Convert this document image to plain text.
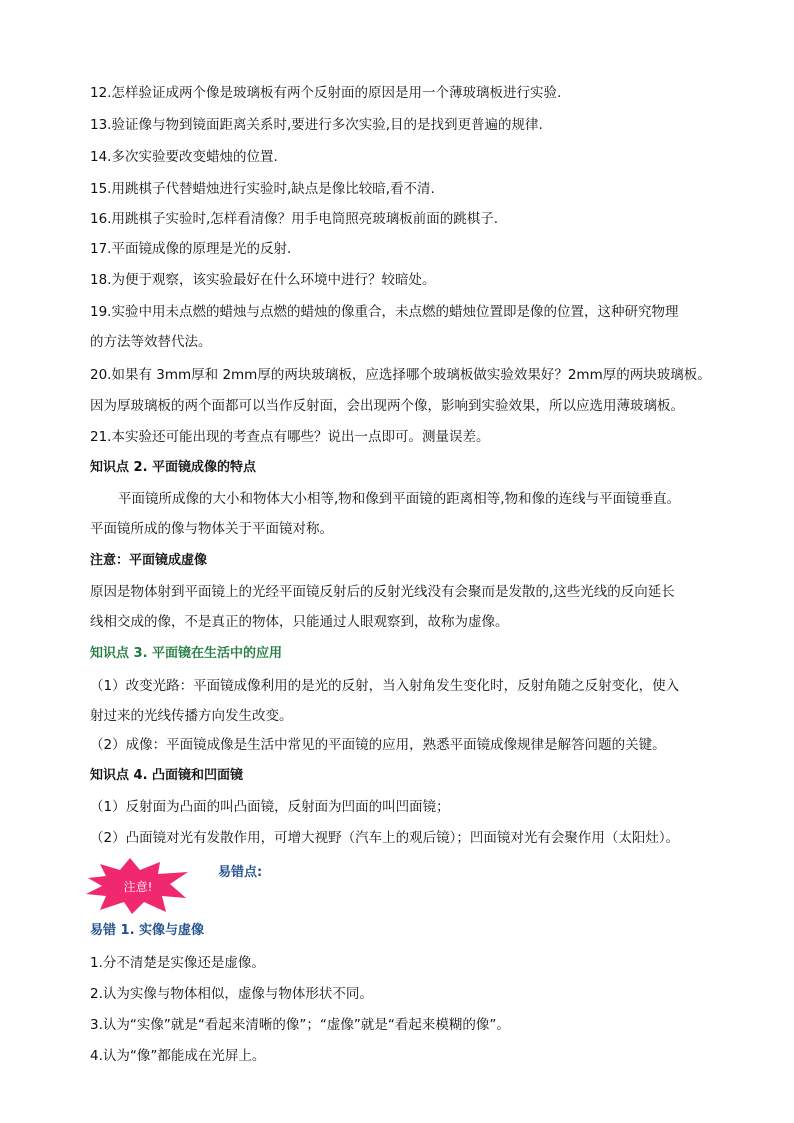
12.怎样验证成两个像是玻璃板有两个反射面的原因是用一个薄玻璃板进行实验.
13.验证像与物到镜面距离关系时,要进行多次实验,目的是找到更普遍的规律.
14.多次实验要改变蜡烛的位置.
15.用跳棋子代替蜡烛进行实验时,缺点是像比较暗,看不清.
16.用跳棋子实验时,怎样看清像？用手电筒照亮玻璃板前面的跳棋子.
17.平面镜成像的原理是光的反射.
18.为便于观察，该实验最好在什么环境中进行？较暗处。
19.实验中用未点燃的蜡烛与点燃的蜡烛的像重合，未点燃的蜡烛位置即是像的位置，这种研究物理
的方法等效替代法。
20.如果有 3mm厚和 2mm厚的两块玻璃板，应选择哪个玻璃板做实验效果好？2mm厚的两块玻璃板。
因为厚玻璃板的两个面都可以当作反射面，会出现两个像，影响到实验效果，所以应选用薄玻璃板。
21.本实验还可能出现的考查点有哪些？说出一点即可。测量误差。
知识点 2. 平面镜成像的特点
平面镜所成像的大小和物体大小相等,物和像到平面镜的距离相等,物和像的连线与平面镜垂直。
平面镜所成的像与物体关于平面镜对称。
注意：平面镜成虚像
原因是物体射到平面镜上的光经平面镜反射后的反射光线没有会聚而是发散的,这些光线的反向延长
线相交成的像，不是真正的物体，只能通过人眼观察到，故称为虚像。
知识点 3. 平面镜在生活中的应用
（1）改变光路：平面镜成像利用的是光的反射，当入射角发生变化时，反射角随之反射变化，使入
射过来的光线传播方向发生改变。
（2）成像：平面镜成像是生活中常见的平面镜的应用，熟悉平面镜成像规律是解答问题的关键。
知识点 4. 凸面镜和凹面镜
（1）反射面为凸面的叫凸面镜，反射面为凹面的叫凹面镜；
（2）凸面镜对光有发散作用，可增大视野（汽车上的观后镜）；凹面镜对光有会聚作用（太阳灶）。
注意!
易错点:
易错 1. 实像与虚像
1.分不清楚是实像还是虚像。
2.认为实像与物体相似，虚像与物体形状不同。
3.认为“实像”就是“看起来清晰的像”；“虚像”就是“看起来模糊的像”。
4.认为“像”都能成在光屏上。
